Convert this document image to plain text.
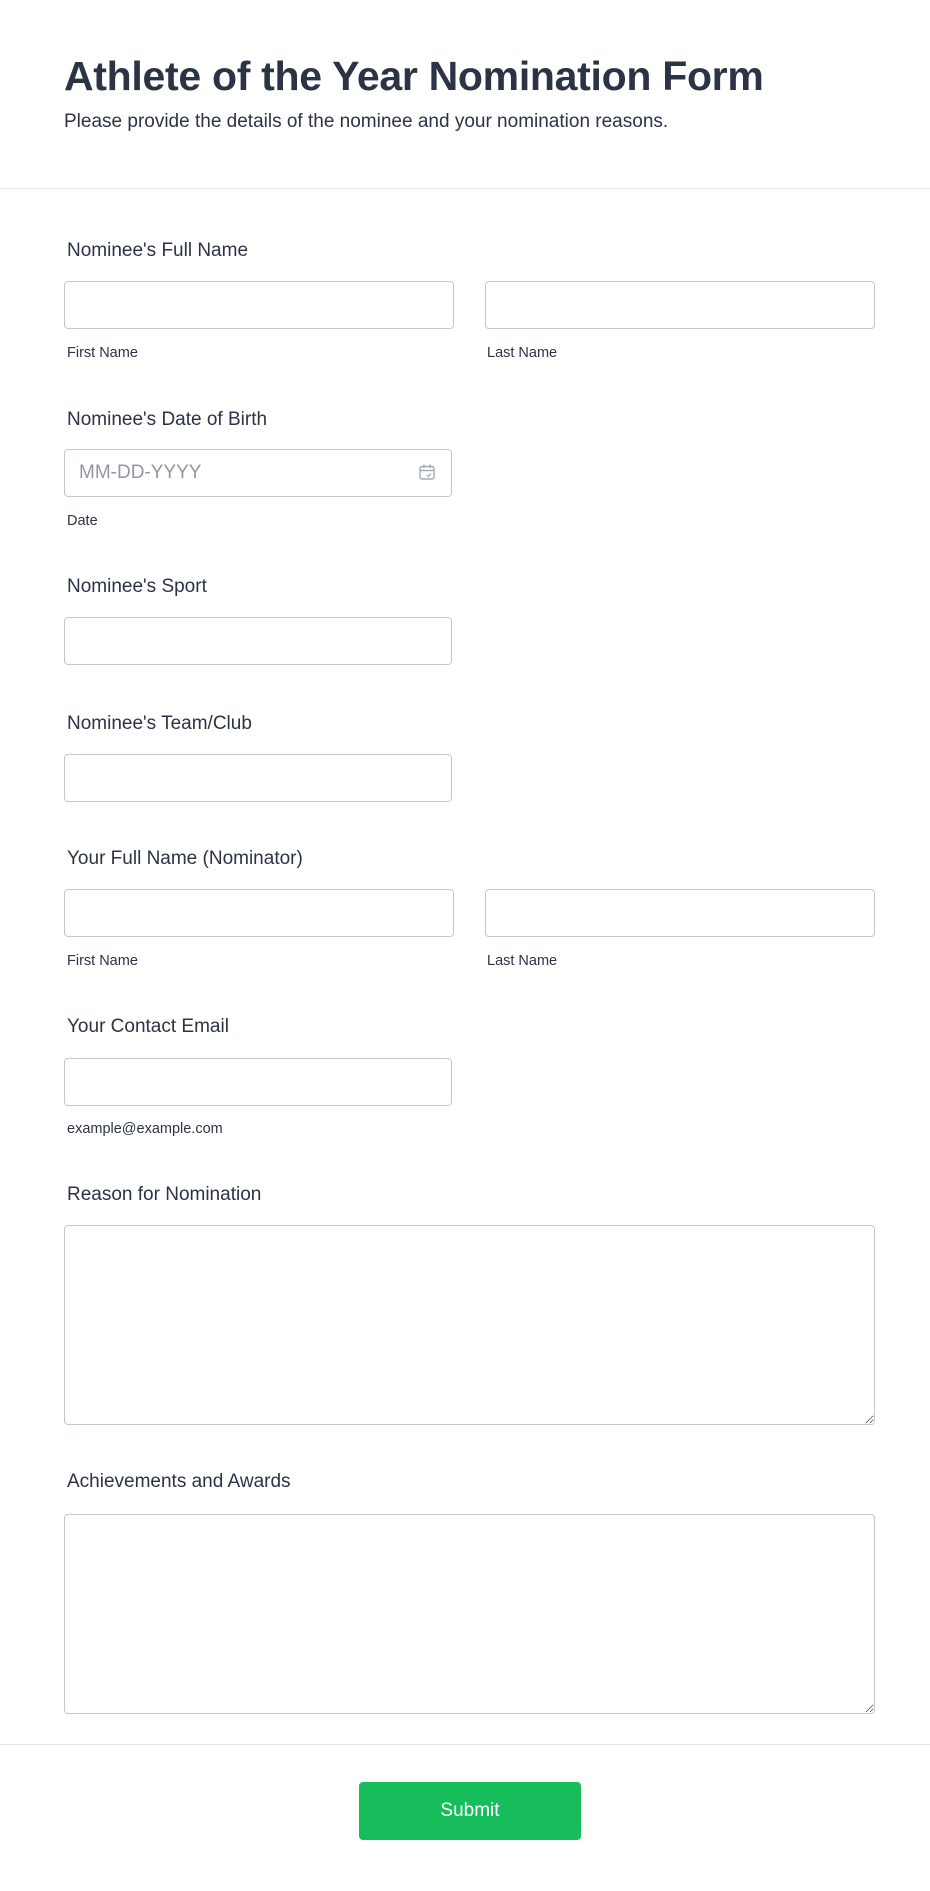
Athlete of the Year Nomination Form
Please provide the details of the nominee and your nomination reasons.
Nominee's Full Name
First Name	Last Name
Nominee's Date of Birth
MM-DD-YYYY
Date
Nominee's Sport
Nominee's Team/Club
Your Full Name (Nominator)
First Name	Last Name
Your Contact Email
example@example.com
Reason for Nomination
Achievements and Awards
Submit
